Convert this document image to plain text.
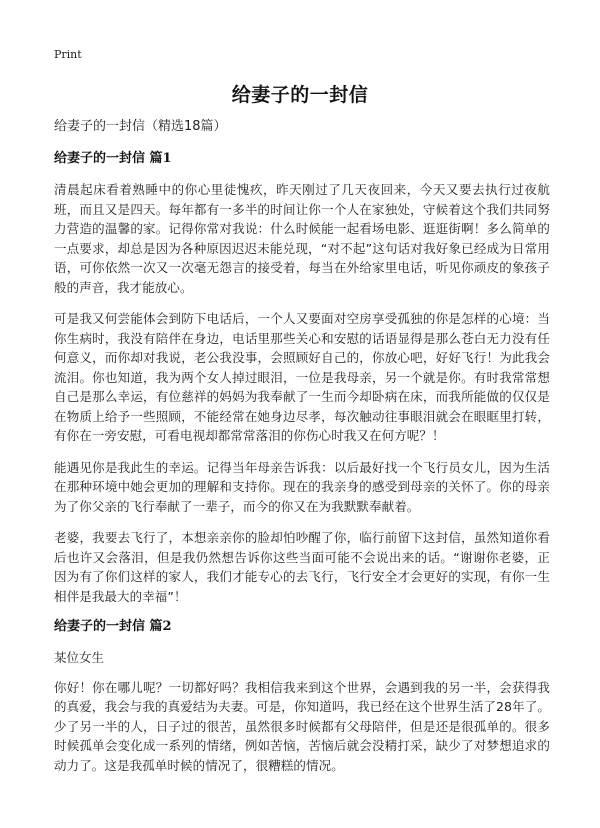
Print
给妻子的一封信

给妻子的一封信（精选18篇）

给妻子的一封信 篇1

清晨起床看着熟睡中的你心里徒愧疚，昨天刚过了几天夜回来，今天又要去执行过夜航班，而且又是四天。每年都有一多半的时间让你一个人在家独处，守候着这个我们共同努力营造的温馨的家。记得你常对我说：什么时候能一起看场电影、逛逛街啊！多么简单的一点要求，却总是因为各种原因迟迟未能兑现，“对不起”这句话对我好象已经成为日常用语，可你依然一次又一次毫无怨言的接受着，每当在外给家里电话，听见你顽皮的象孩子般的声音，我才能放心。

可是我又何尝能体会到防下电话后，一个人又要面对空房享受孤独的你是怎样的心境：当你生病时，我没有陪伴在身边，电话里那些关心和安慰的话语显得是那么苍白无力没有任何意义，而你却对我说，老公我没事，会照顾好自己的，你放心吧，好好飞行！为此我会流泪。你也知道，我为两个女人掉过眼泪，一位是我母亲，另一个就是你。有时我常常想自己是那么幸运，有位慈祥的妈妈为我奉献了一生而今却卧病在床，而我所能做的仅仅是在物质上给予一些照顾，不能经常在她身边尽孝，每次触动往事眼泪就会在眼眶里打转，有你在一旁安慰，可看电视却都常常落泪的你伤心时我又在何方呢？！

能遇见你是我此生的幸运。记得当年母亲告诉我：以后最好找一个飞行员女儿，因为生活在那种环境中她会更加的理解和支持你。现在的我亲身的感受到母亲的关怀了。你的母亲为了你父亲的飞行奉献了一辈子，而今的你又在为我默默奉献着。

老婆，我要去飞行了，本想亲亲你的脸却怕吵醒了你，临行前留下这封信，虽然知道你看后也许又会落泪，但是我仍然想告诉你这些当面可能不会说出来的话。“谢谢你老婆，正因为有了你们这样的家人，我们才能专心的去飞行，飞行安全才会更好的实现，有你一生相伴是我最大的幸福”！

给妻子的一封信 篇2

某位女生

你好！你在哪儿呢？一切都好吗？我相信我来到这个世界，会遇到我的另一半，会获得我的真爱，我会与我的真爱结为夫妻。可是，你知道吗，我已经在这个世界生活了28年了。少了另一半的人，日子过的很苦，虽然很多时候都有父母陪伴，但是还是很孤单的。很多时候孤单会变化成一系列的情绪，例如苦恼，苦恼后就会没精打采，缺少了对梦想追求的动力了。这是我孤单时候的情况了，很糟糕的情况。
